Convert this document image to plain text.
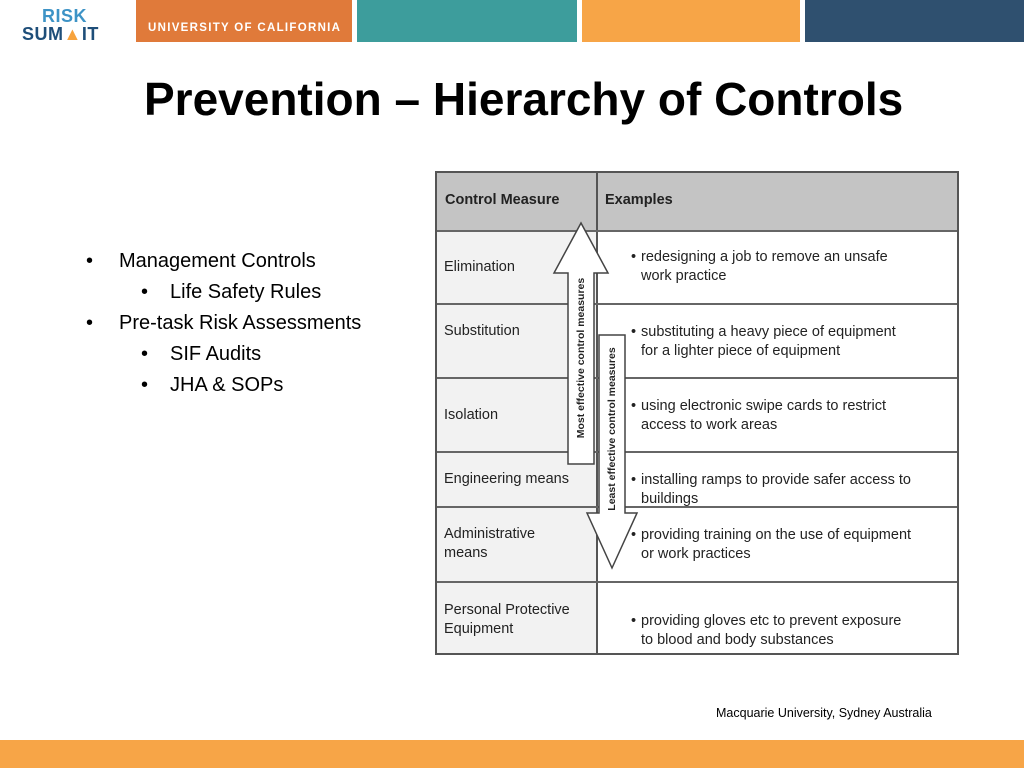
RISK
SUM▲IT	UNIVERSITY OF CALIFORNIA
Prevention – Hierarchy of Controls
• Management Controls
• Life Safety Rules
• Pre-task Risk Assessments
• SIF Audits
• JHA & SOPs
Control Measure	Examples
Elimination
Substitution
Isolation
Engineering means
Administrative
means
Personal Protective
Equipment
• redesigning a job to remove an unsafe
work practice
• substituting a heavy piece of equipment
for a lighter piece of equipment
• using electronic swipe cards to restrict
access to work areas
• installing ramps to provide safer access to
buildings
• providing training on the use of equipment
or work practices
• providing gloves etc to prevent exposure
to blood and body substances
Most effective control measures Least effective control measures
Macquarie University, Sydney Australia
